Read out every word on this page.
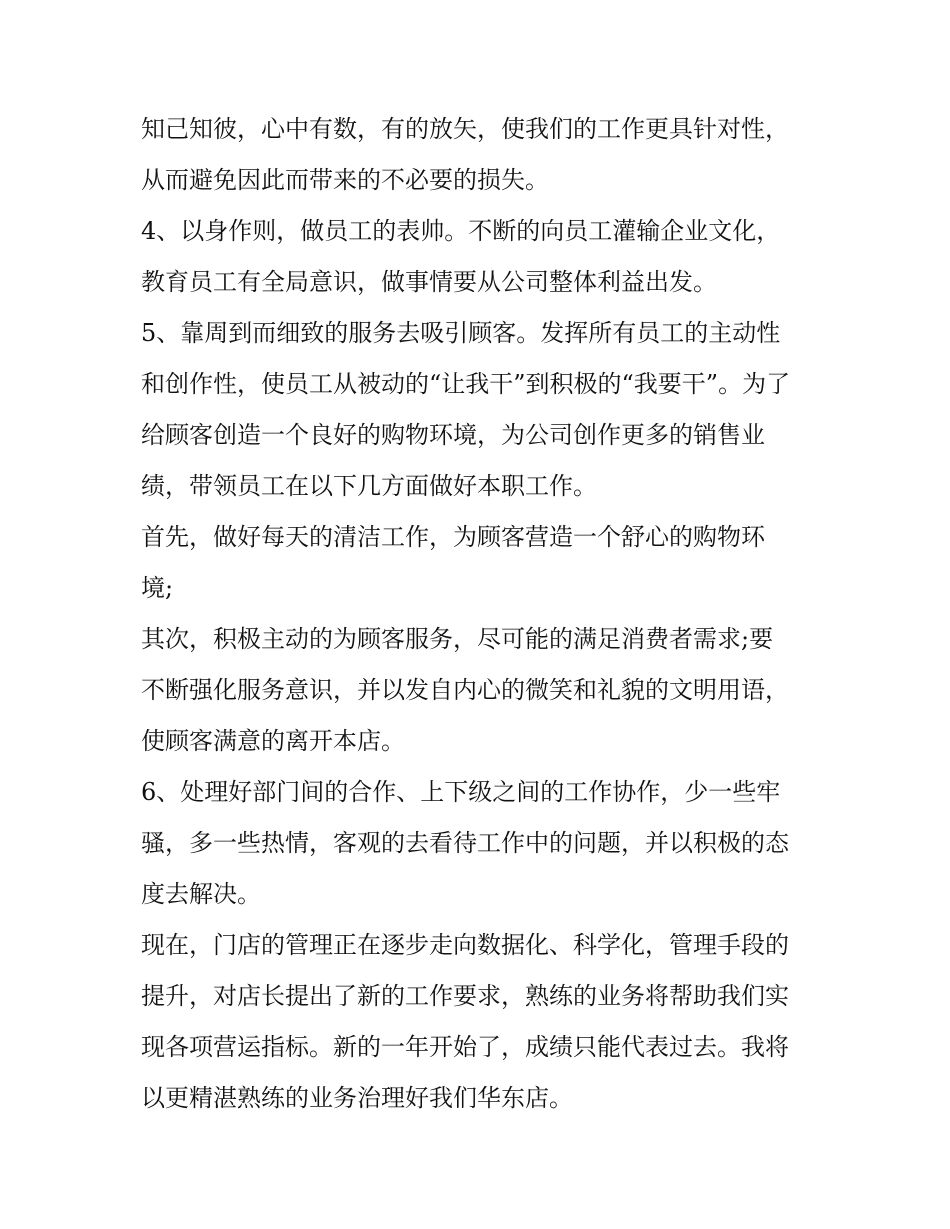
知己知彼，心中有数，有的放矢，使我们的工作更具针对性，
从而避免因此而带来的不必要的损失。
4、以身作则，做员工的表帅。不断的向员工灌输企业文化，
教育员工有全局意识，做事情要从公司整体利益出发。
5、靠周到而细致的服务去吸引顾客。发挥所有员工的主动性
和创作性，使员工从被动的“让我干”到积极的“我要干”。为了
给顾客创造一个良好的购物环境，为公司创作更多的销售业
绩，带领员工在以下几方面做好本职工作。
首先，做好每天的清洁工作，为顾客营造一个舒心的购物环
境;
其次，积极主动的为顾客服务，尽可能的满足消费者需求;要
不断强化服务意识，并以发自内心的微笑和礼貌的文明用语，
使顾客满意的离开本店。
6、处理好部门间的合作、上下级之间的工作协作，少一些牢
骚，多一些热情，客观的去看待工作中的问题，并以积极的态
度去解决。
现在，门店的管理正在逐步走向数据化、科学化，管理手段的
提升，对店长提出了新的工作要求，熟练的业务将帮助我们实
现各项营运指标。新的一年开始了，成绩只能代表过去。我将
以更精湛熟练的业务治理好我们华东店。
